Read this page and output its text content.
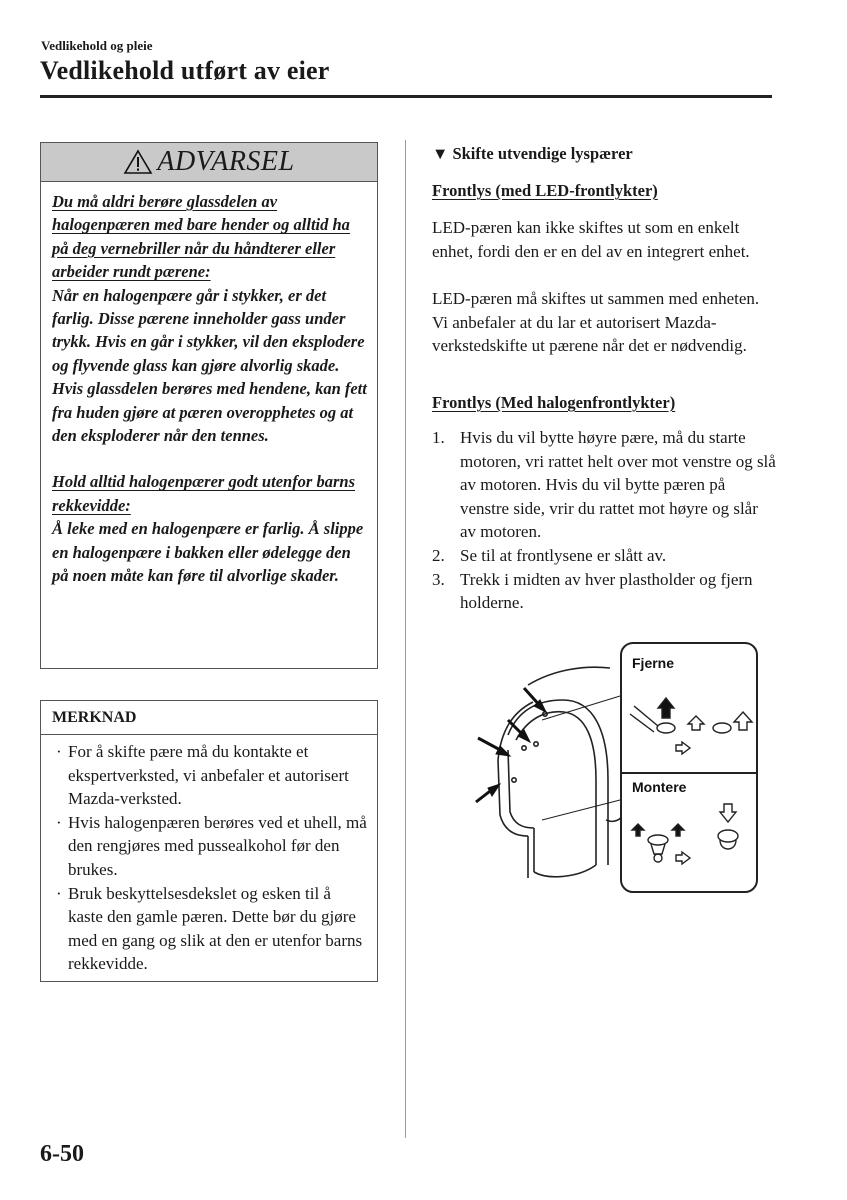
Vedlikehold og pleie
Vedlikehold utført av eier
ADVARSEL

Du må aldri berøre glassdelen av halogenpæren med bare hender og alltid ha på deg vernebriller når du håndterer eller arbeider rundt pærene:

Når en halogenpære går i stykker, er det farlig. Disse pærene inneholder gass under trykk. Hvis en går i stykker, vil den eksplodere og flyvende glass kan gjøre alvorlig skade.

Hvis glassdelen berøres med hendene, kan fett fra huden gjøre at pæren overopphetes og at den eksploderer når den tennes.

Hold alltid halogenpærer godt utenfor barns rekkevidde:

Å leke med en halogenpære er farlig. Å slippe en halogenpære i bakken eller ødelegge den på noen måte kan føre til alvorlige skader.

MERKNAD
· For å skifte pære må du kontakte et ekspertverksted, vi anbefaler et autorisert Mazda-verksted.
· Hvis halogenpæren berøres ved et uhell, må den rengjøres med pussealkohol før den brukes.
· Bruk beskyttelsesdekslet og esken til å kaste den gamle pæren. Dette bør du gjøre med en gang og slik at den er utenfor barns rekkevidde.
▼ Skifte utvendige lyspærer
Frontlys (med LED-frontlykter)
LED-pæren kan ikke skiftes ut som en enkelt enhet, fordi den er en del av en integrert enhet.
LED-pæren må skiftes ut sammen med enheten. Vi anbefaler at du lar et autorisert Mazda-verkstedskifte ut pærene når det er nødvendig.
Frontlys (Med halogenfrontlykter)
1. Hvis du vil bytte høyre pære, må du starte motoren, vri rattet helt over mot venstre og slå av motoren. Hvis du vil bytte pæren på venstre side, vrir du rattet mot høyre og slår av motoren.
2. Se til at frontlysene er slått av.
3. Trekk i midten av hver plastholder og fjern holderne.
Fjerne
Montere
6-50
